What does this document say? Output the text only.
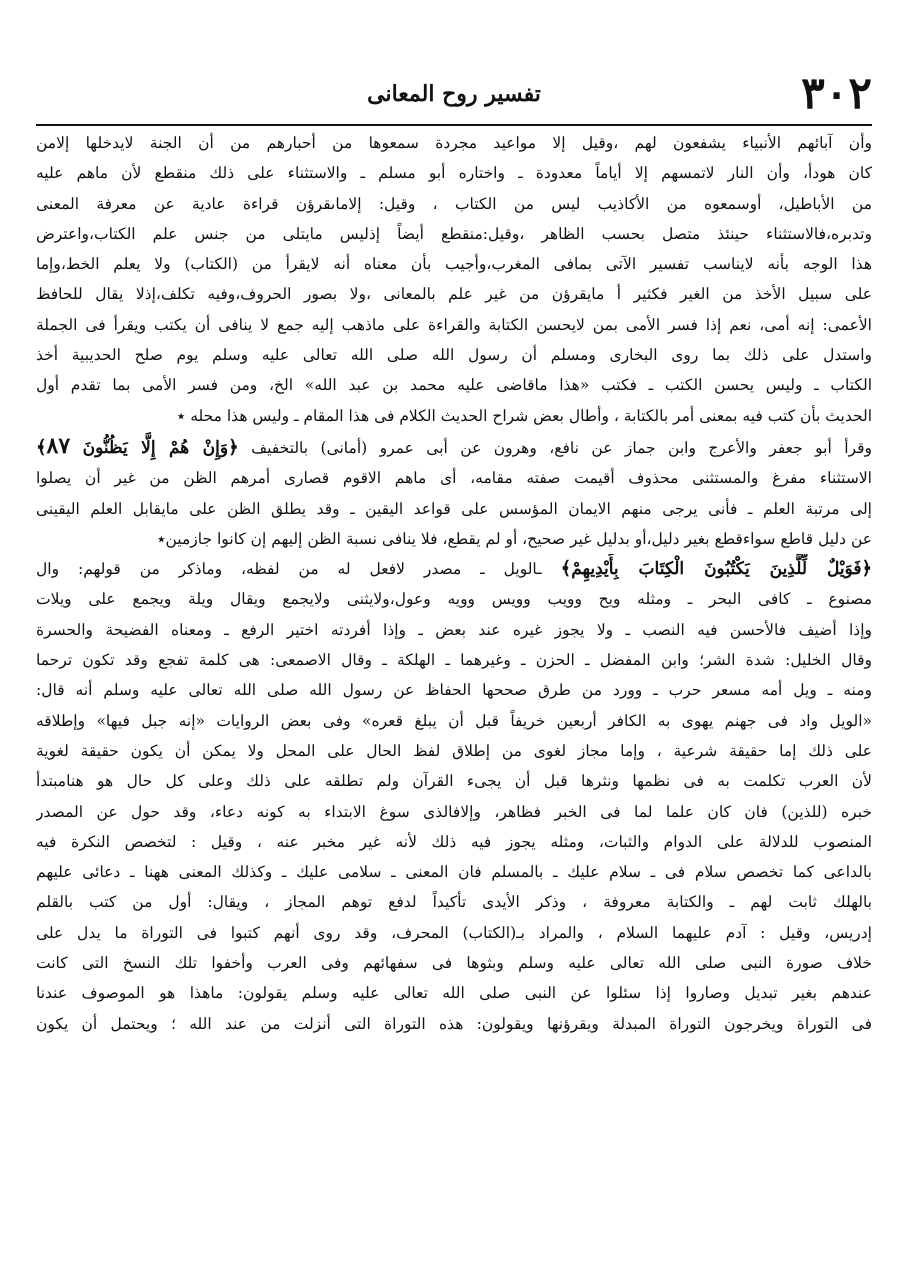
٣٠٢
تفسير روح المعانى
وأن آبائهم الأنبياء يشفعون لهم ،وقيل إلا مواعيد مجردة سمعوها من أحبارهم من أن الجنة لايدخلها إلامن
كان هودأ، وأن النار لاتمسهم إلا أياماً معدودة ـ واختاره أبو مسلم ـ والاستثناء على ذلك منقطع لأن ماهم عليه
من الأباطيل، أوسمعوه من الأكاذيب ليس من الكتاب ، وقيل: إلاماىقرؤن قراءة عادية عن معرفة المعنى
وتدبره،فالاستثناء حينئذ متصل بحسب الظاهر ،وقيل:منقطع أيضاً إذليس مايتلى من جنس علم الكتاب،واعترض
هذا الوجه بأنه لايناسب تفسير الآتى بمافى المغرب،وأجيب بأن معناه أنه لايقرأ من (الكتاب) ولا يعلم الخط،وإما
على سبيل الأخذ من الغير فكثير أ مايقرؤن من غير علم بالمعانى ،ولا بصور الحروف،وفيه تكلف،إذلا يقال للحافظ
الأعمى: إنه أمى، نعم إذا فسر الأمى بمن لايحسن الكتابة والقراءة على ماذهب إليه جمع لا ينافى أن يكتب ويقرأ فى الجملة
واستدل على ذلك بما روى البخارى ومسلم أن رسول الله صلى الله تعالى عليه وسلم يوم صلح الحديبية أخذ
الكتاب ـ وليس يحسن الكتب ـ فكتب «هذا ماقاضى عليه محمد بن عبد الله» الخ، ومن فسر الأمى بما تقدم أول
الحديث بأن كتب فيه بمعنى أمر بالكتابة ، وأطال بعض شراح الحديث الكلام فى هذا المقام ـ وليس هذا محله ٭
وقرأ أبو جعفر والأعرج وابن جماز عن نافع، وهرون عن أبى عمرو (أمانى) بالتخفيف ﴿وَإِنْ هُمْ إِلَّا يَظُنُّونَ ٨٧﴾
الاستثناء مفرغ والمستثنى محذوف أقيمت صفته مقامه، أى ماهم الاقوم قصارى أمرهم الظن من غير أن يصلوا
إلى مرتبة العلم ـ فأنى يرجى منهم الايمان المؤسس على قواعد اليقين ـ وقد يطلق الظن على مايقابل العلم اليقينى
عن دليل قاطع سواءقطع بغير دليل،أو بدليل غير صحيح، أو لم يقطع، فلا ينافى نسبة الظن إليهم إن كانوا جازمين٭
﴿فَوَيْلٌ لِّلَّذِينَ يَكْتُبُونَ الْكِتَابَ بِأَيْدِيهِمْ﴾ ـالويل ـ مصدر لافعل له من لفظه، وماذكر من قولهم: وال
مصنوع ـ كافى البحر ـ ومثله ويح وويب وويس وويه وعول،ولايثنى ولايجمع ويقال ويلة ويجمع على ويلات
وإذا أضيف فالأحسن فيه النصب ـ ولا يجوز غيره عند بعض ـ وإذا أفردته اختير الرفع ـ ومعناه الفضيحة والحسرة
وقال الخليل: شدة الشر؛ وابن المفضل ـ الحزن ـ وغيرهما ـ الهلكة ـ وقال الاصمعى: هى كلمة تفجع وقد تكون ترحما
ومنه ـ ويل أمه مسعر حرب ـ وورد من طرق صححها الحفاظ عن رسول الله صلى الله تعالى عليه وسلم أنه قال:
«الويل واد فى جهنم يهوى به الكافر أربعين خريفاً قبل أن يبلغ قعره» وفى بعض الروايات «إنه جبل فيها» وإطلاقه
على ذلك إما حقيقة شرعية ، وإما مجاز لغوى من إطلاق لفظ الحال على المحل ولا يمكن أن يكون حقيقة لغوية
لأن العرب تكلمت به فى نظمها ونثرها قبل أن يجىء القرآن ولم تطلقه على ذلك وعلى كل حال هو هنامبتدأ
خبره (للذين) فان كان علما لما فى الخبر فظاهر، وإلافالذى سوغ الابتداء به كونه دعاء، وقد حول عن المصدر
المنصوب للدلالة على الدوام والثبات، ومثله يجوز فيه ذلك لأنه غير مخبر عنه ، وقيل : لتخصص النكرة فيه
بالداعى كما تخصص سلام فى ـ سلام عليك ـ بالمسلم فان المعنى ـ سلامى عليك ـ وكذلك المعنى ههنا ـ دعائى عليهم
بالهلك ثابت لهم ـ والكتابة معروفة ، وذكر الأيدى تأكيداً لدفع توهم المجاز ، ويقال: أول من كتب بالقلم
إدريس، وقيل : آدم عليهما السلام ، والمراد بـ(الكتاب) المحرف، وقد روى أنهم كتبوا فى التوراة ما يدل على
خلاف صورة النبى صلى الله تعالى عليه وسلم وبثوها فى سفهائهم وفى العرب وأخفوا تلك النسخ التى كانت
عندهم بغير تبديل وصاروا إذا سئلوا عن النبى صلى الله تعالى عليه وسلم يقولون: ماهذا هو الموصوف عندنا
فى التوراة ويخرجون التوراة المبدلة ويقرؤنها ويقولون: هذه التوراة التى أنزلت من عند الله ؛ ويحتمل أن يكون
